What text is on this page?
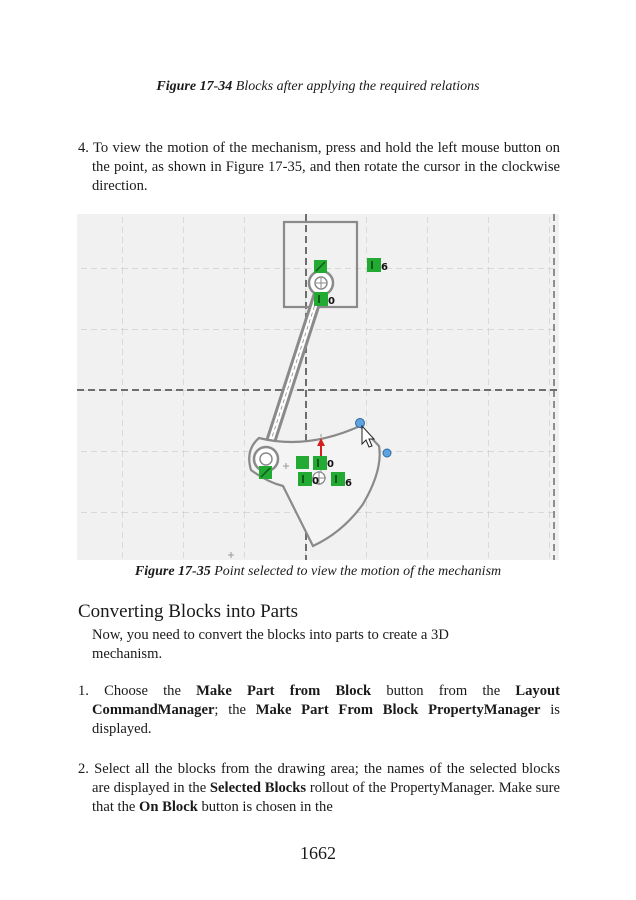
Figure 17-34 Blocks after applying the required relations
4. To view the motion of the mechanism, press and hold the left mouse button on the point, as shown in Figure 17-35, and then rotate the cursor in the clockwise direction.
6
0
0
0	6
Figure 17-35 Point selected to view the motion of the mechanism
Converting Blocks into Parts
Now, you need to convert the blocks into parts to create a 3D mechanism.
1. Choose the Make Part from Block button from the Layout CommandManager; the Make Part From Block PropertyManager is displayed.
2. Select all the blocks from the drawing area; the names of the selected blocks are displayed in the Selected Blocks rollout of the PropertyManager. Make sure that the On Block button is chosen in the
1662
